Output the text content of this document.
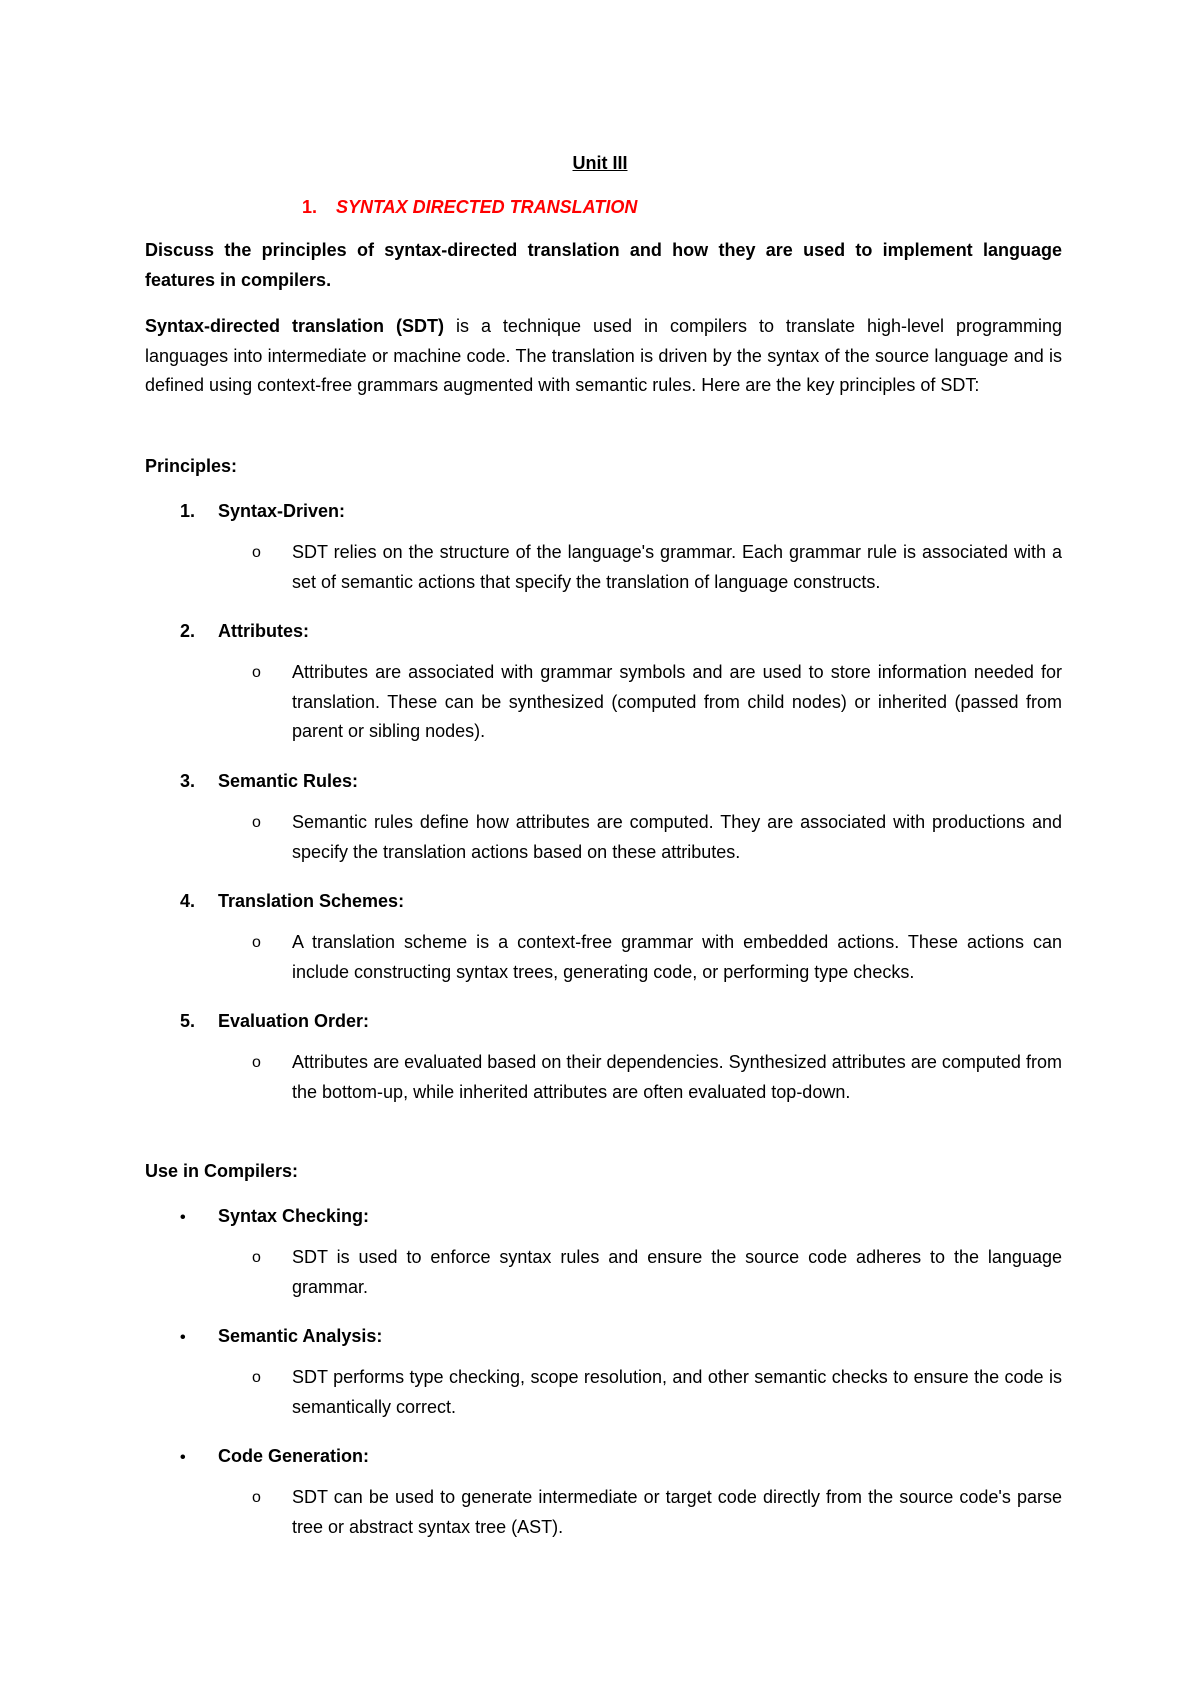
Unit III
1. SYNTAX DIRECTED TRANSLATION
Discuss the principles of syntax-directed translation and how they are used to implement language features in compilers.
Syntax-directed translation (SDT) is a technique used in compilers to translate high-level programming languages into intermediate or machine code. The translation is driven by the syntax of the source language and is defined using context-free grammars augmented with semantic rules. Here are the key principles of SDT:
Principles:
1. Syntax-Driven:
o SDT relies on the structure of the language's grammar. Each grammar rule is associated with a set of semantic actions that specify the translation of language constructs.
2. Attributes:
o Attributes are associated with grammar symbols and are used to store information needed for translation. These can be synthesized (computed from child nodes) or inherited (passed from parent or sibling nodes).
3. Semantic Rules:
o Semantic rules define how attributes are computed. They are associated with productions and specify the translation actions based on these attributes.
4. Translation Schemes:
o A translation scheme is a context-free grammar with embedded actions. These actions can include constructing syntax trees, generating code, or performing type checks.
5. Evaluation Order:
o Attributes are evaluated based on their dependencies. Synthesized attributes are computed from the bottom-up, while inherited attributes are often evaluated top-down.
Use in Compilers:
• Syntax Checking:
o SDT is used to enforce syntax rules and ensure the source code adheres to the language grammar.
• Semantic Analysis:
o SDT performs type checking, scope resolution, and other semantic checks to ensure the code is semantically correct.
• Code Generation:
o SDT can be used to generate intermediate or target code directly from the source code's parse tree or abstract syntax tree (AST).
